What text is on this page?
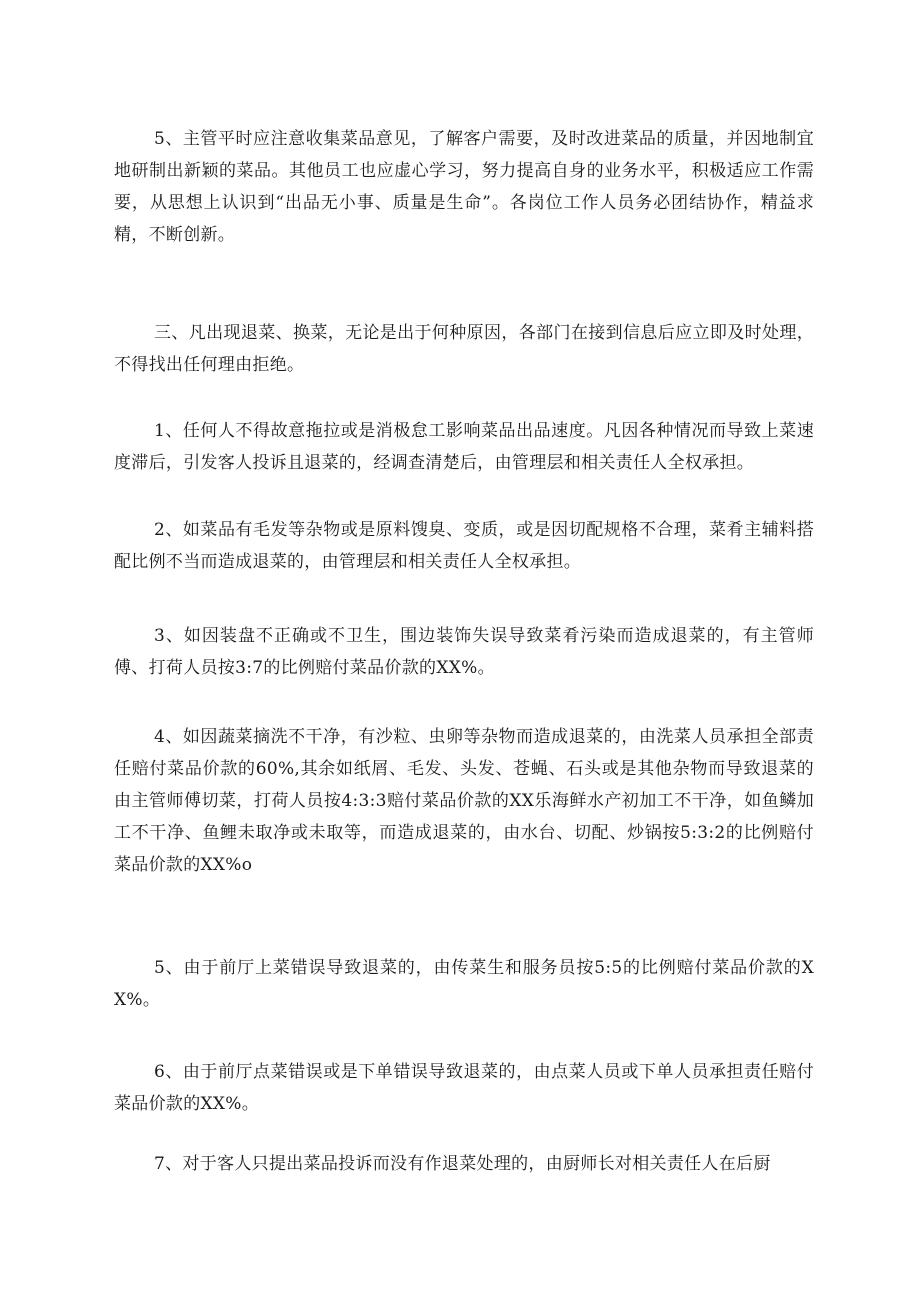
5、主管平时应注意收集菜品意见，了解客户需要，及时改进菜品的质量，并因地制宜地研制出新颖的菜品。其他员工也应虚心学习，努力提高自身的业务水平，积极适应工作需要，从思想上认识到“出品无小事、质量是生命”。各岗位工作人员务必团结协作，精益求精，不断创新。

三、凡出现退菜、换菜，无论是出于何种原因，各部门在接到信息后应立即及时处理，不得找出任何理由拒绝。

1、任何人不得故意拖拉或是消极怠工影响菜品出品速度。凡因各种情况而导致上菜速度滞后，引发客人投诉且退菜的，经调查清楚后，由管理层和相关责任人全权承担。

2、如菜品有毛发等杂物或是原料馊臭、变质，或是因切配规格不合理，菜肴主辅料搭配比例不当而造成退菜的，由管理层和相关责任人全权承担。

3、如因装盘不正确或不卫生，围边装饰失误导致菜肴污染而造成退菜的，有主管师傅、打荷人员按3:7的比例赔付菜品价款的XX%。

4、如因蔬菜摘洗不干净，有沙粒、虫卵等杂物而造成退菜的，由洗菜人员承担全部责任赔付菜品价款的60%,其余如纸屑、毛发、头发、苍蝇、石头或是其他杂物而导致退菜的由主管师傅切菜，打荷人员按4:3:3赔付菜品价款的XX乐海鲜水产初加工不干净，如鱼鳞加工不干净、鱼鲤未取净或未取等，而造成退菜的，由水台、切配、炒锅按5:3:2的比例赔付菜品价款的XX%o

5、由于前厅上菜错误导致退菜的，由传菜生和服务员按5:5的比例赔付菜品价款的XX%。

6、由于前厅点菜错误或是下单错误导致退菜的，由点菜人员或下单人员承担责任赔付菜品价款的XX%。

7、对于客人只提出菜品投诉而没有作退菜处理的，由厨师长对相关责任人在后厨
